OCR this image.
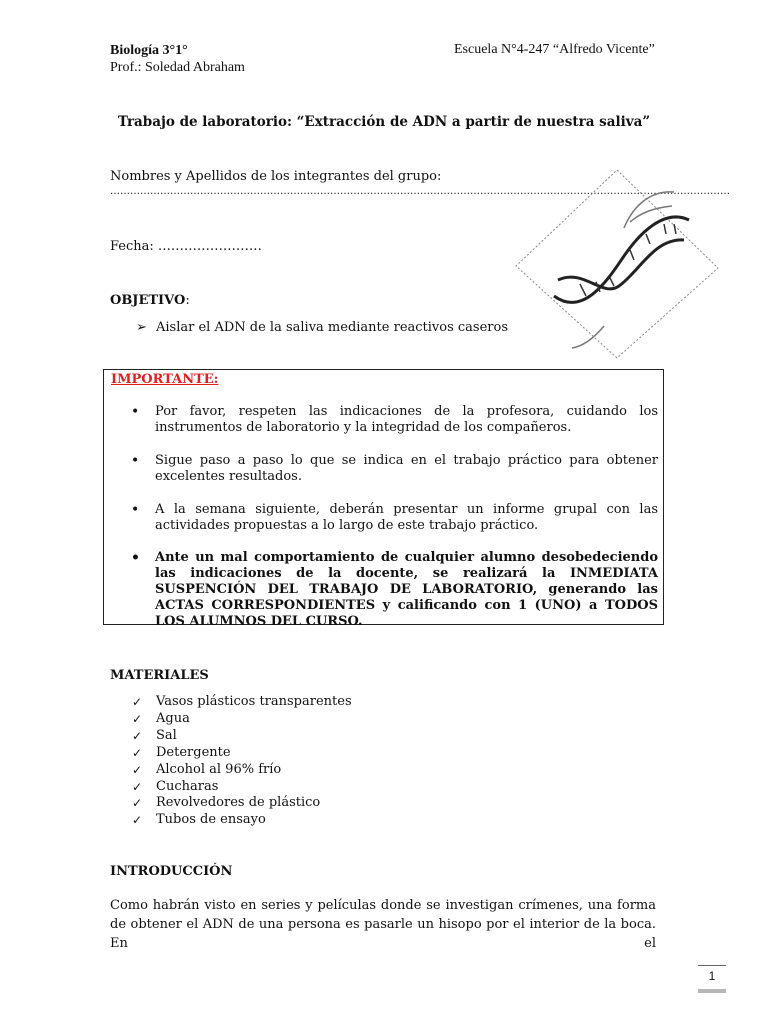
Biología 3°1°
Prof.: Soledad Abraham
Escuela N°4-247 “Alfredo Vicente”
Trabajo de laboratorio: “Extracción de ADN a partir de nuestra saliva”
Nombres y Apellidos de los integrantes del grupo:
……………………………………………………………………………………………………………………………………………………………………
Fecha: ……………………
OBJETIVO:
➢ Aislar el ADN de la saliva mediante reactivos caseros
IMPORTANTE:
• Por favor, respeten las indicaciones de la profesora, cuidando los instrumentos de laboratorio y la integridad de los compañeros.
• Sigue paso a paso lo que se indica en el trabajo práctico para obtener excelentes resultados.
• A la semana siguiente, deberán presentar un informe grupal con las actividades propuestas a lo largo de este trabajo práctico.
• Ante un mal comportamiento de cualquier alumno desobedeciendo las indicaciones de la docente, se realizará la INMEDIATA SUSPENCIÓN DEL TRABAJO DE LABORATORIO, generando las ACTAS CORRESPONDIENTES y calificando con 1 (UNO) a TODOS LOS ALUMNOS DEL CURSO.
MATERIALES
✓ Vasos plásticos transparentes
✓ Agua
✓ Sal
✓ Detergente
✓ Alcohol al 96% frío
✓ Cucharas
✓ Revolvedores de plástico
✓ Tubos de ensayo
INTRODUCCIÓN
Como habrán visto en series y películas donde se investigan crímenes, una forma de obtener el ADN de una persona es pasarle un hisopo por el interior de la boca. En el
1
